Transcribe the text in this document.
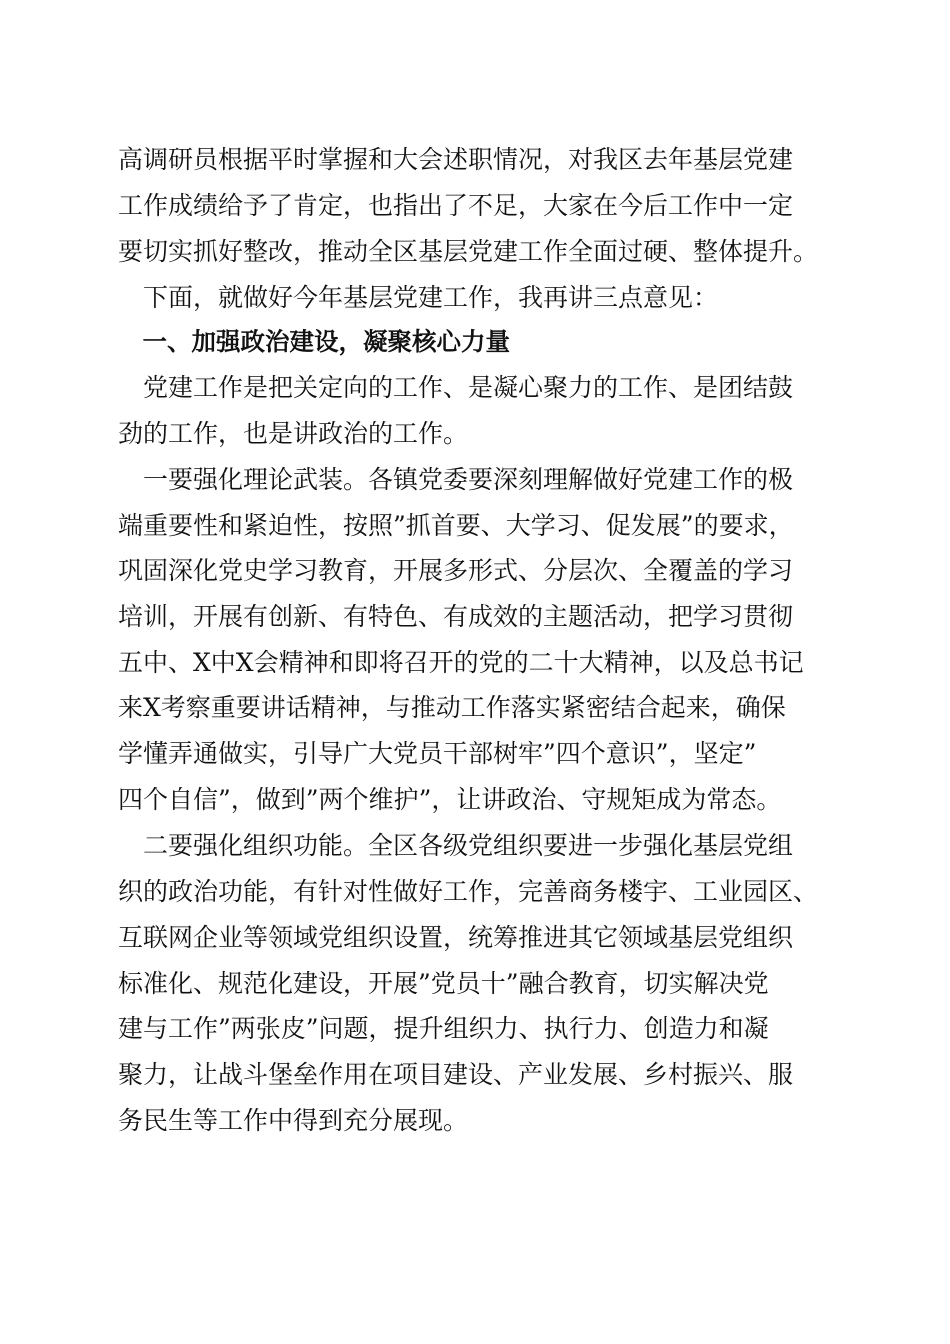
高调研员根据平时掌握和大会述职情况，对我区去年基层党建
工作成绩给予了肯定，也指出了不足，大家在今后工作中一定
要切实抓好整改，推动全区基层党建工作全面过硬、整体提升。
　下面，就做好今年基层党建工作，我再讲三点意见：
　一、加强政治建设，凝聚核心力量
　党建工作是把关定向的工作、是凝心聚力的工作、是团结鼓
劲的工作，也是讲政治的工作。
　一要强化理论武装。各镇党委要深刻理解做好党建工作的极
端重要性和紧迫性，按照”抓首要、大学习、促发展”的要求，
巩固深化党史学习教育，开展多形式、分层次、全覆盖的学习
培训，开展有创新、有特色、有成效的主题活动，把学习贯彻
五中、X中X会精神和即将召开的党的二十大精神，以及总书记
来X考察重要讲话精神，与推动工作落实紧密结合起来，确保
学懂弄通做实，引导广大党员干部树牢”四个意识”，坚定”
四个自信”，做到”两个维护”，让讲政治、守规矩成为常态。
　二要强化组织功能。全区各级党组织要进一步强化基层党组
织的政治功能，有针对性做好工作，完善商务楼宇、工业园区、
互联网企业等领域党组织设置，统筹推进其它领域基层党组织
标准化、规范化建设，开展”党员十”融合教育，切实解决党
建与工作”两张皮”问题，提升组织力、执行力、创造力和凝
聚力，让战斗堡垒作用在项目建设、产业发展、乡村振兴、服
务民生等工作中得到充分展现。
